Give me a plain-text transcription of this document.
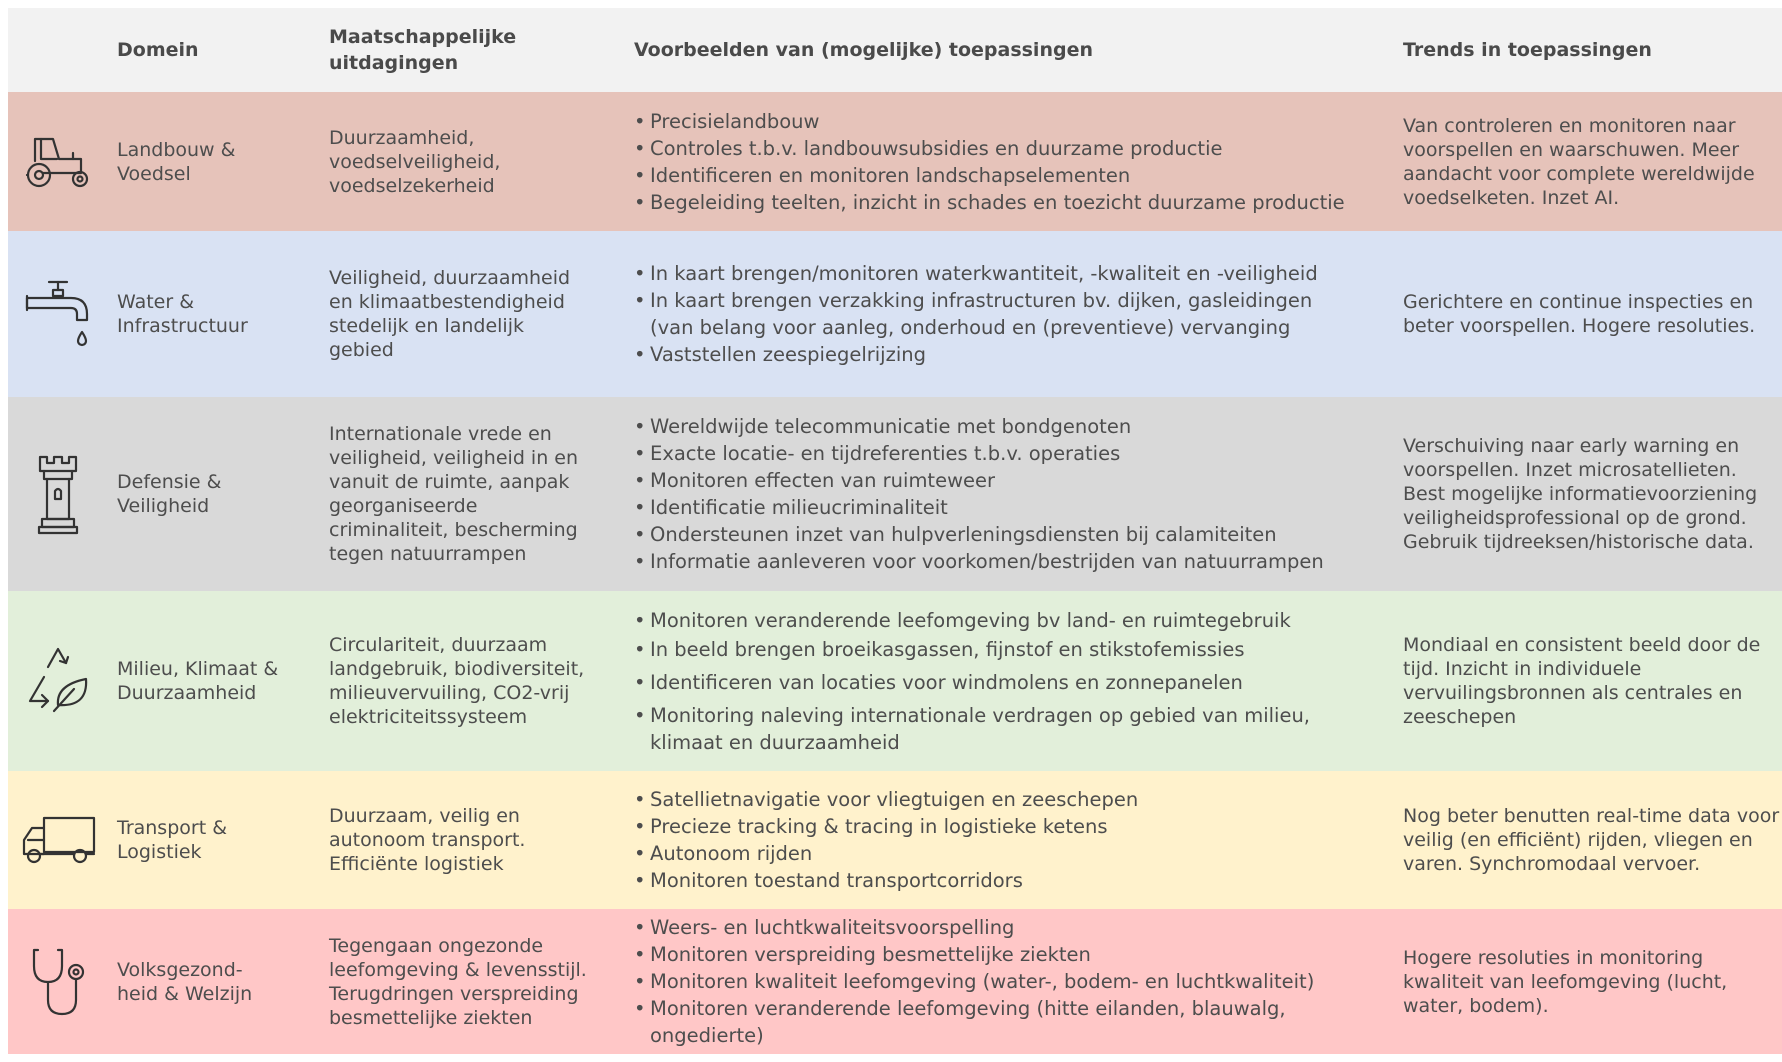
Domein
Maatschappelijke uitdagingen
Voorbeelden van (mogelijke) toepassingen	Trends in toepassingen
Landbouw & Voedsel
Duurzaamheid, voedselveiligheid, voedselzekerheid
• Precisielandbouw
• Controles t.b.v. landbouwsubsidies en duurzame productie
• Identificeren en monitoren landschapselementen
• Begeleiding teelten, inzicht in schades en toezicht duurzame productie
Van controleren en monitoren naar voorspellen en waarschuwen. Meer aandacht voor complete wereldwijde voedselketen. Inzet AI.
Water & Infrastructuur
Veiligheid, duurzaamheid en klimaatbestendigheid stedelijk en landelijk gebied
• In kaart brengen/monitoren waterkwantiteit, -kwaliteit en -veiligheid
• In kaart brengen verzakking infrastructuren bv. dijken, gasleidingen (van belang voor aanleg, onderhoud en (preventieve) vervanging
• Vaststellen zeespiegelrijzing
Gerichtere en continue inspecties en beter voorspellen. Hogere resoluties.
Defensie & Veiligheid
Internationale vrede en veiligheid, veiligheid in en vanuit de ruimte, aanpak georganiseerde criminaliteit, bescherming tegen natuurrampen
• Wereldwijde telecommunicatie met bondgenoten
• Exacte locatie- en tijdreferenties t.b.v. operaties
• Monitoren effecten van ruimteweer
• Identificatie milieucriminaliteit
• Ondersteunen inzet van hulpverleningsdiensten bij calamiteiten
• Informatie aanleveren voor voorkomen/bestrijden van natuurrampen
Verschuiving naar early warning en voorspellen. Inzet microsatellieten. Best mogelijke informatievoorziening veiligheidsprofessional op de grond. Gebruik tijdreeksen/historische data.
Milieu, Klimaat & Duurzaamheid
Circulariteit, duurzaam landgebruik, biodiversiteit, milieuvervuiling, CO2-vrij elektriciteitssysteem
• Monitoren veranderende leefomgeving bv land- en ruimtegebruik
• In beeld brengen broeikasgassen, fijnstof en stikstofemissies
• Identificeren van locaties voor windmolens en zonnepanelen
• Monitoring naleving internationale verdragen op gebied van milieu, klimaat en duurzaamheid
Mondiaal en consistent beeld door de tijd. Inzicht in individuele vervuilingsbronnen als centrales en zeeschepen
Transport & Logistiek
Duurzaam, veilig en autonoom transport. Efficiënte logistiek
• Satellietnavigatie voor vliegtuigen en zeeschepen
• Precieze tracking & tracing in logistieke ketens
• Autonoom rijden
• Monitoren toestand transportcorridors
Nog beter benutten real-time data voor veilig (en efficiënt) rijden, vliegen en varen. Synchromodaal vervoer.
Volksgezond-heid & Welzijn
Tegengaan ongezonde leefomgeving & levensstijl. Terugdringen verspreiding besmettelijke ziekten
• Weers- en luchtkwaliteitsvoorspelling
• Monitoren verspreiding besmettelijke ziekten
• Monitoren kwaliteit leefomgeving (water-, bodem- en luchtkwaliteit)
• Monitoren veranderende leefomgeving (hitte eilanden, blauwalg, ongedierte)
Hogere resoluties in monitoring kwaliteit van leefomgeving (lucht, water, bodem).
